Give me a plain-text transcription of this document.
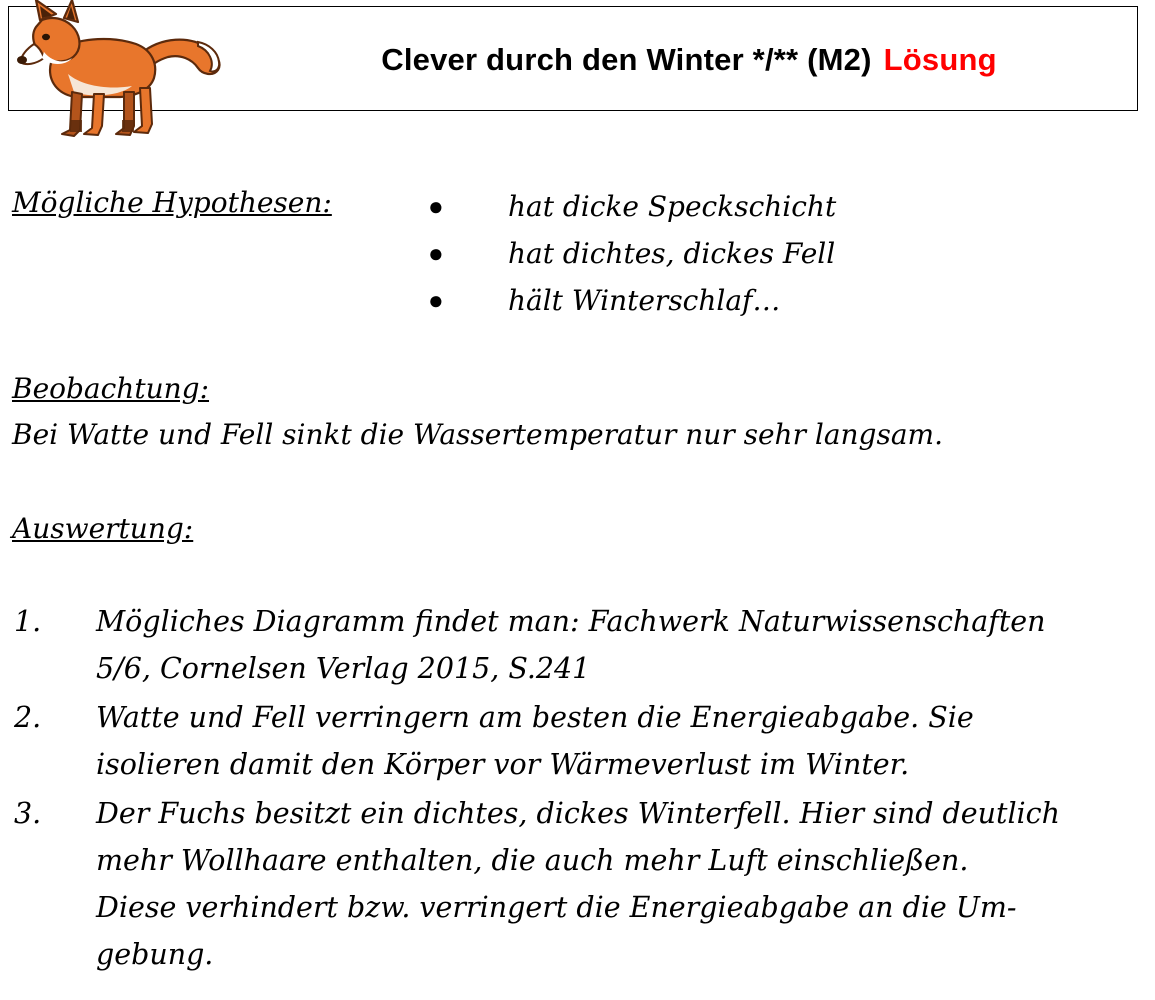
Clever durch den Winter */** (M2) Lösung
Mögliche Hypothesen:	● hat dicke Speckschicht
● hat dichtes, dickes Fell
● hält Winterschlaf…
Beobachtung:
Bei Watte und Fell sinkt die Wassertemperatur nur sehr langsam.
Auswertung:
1. Mögliches Diagramm findet man: Fachwerk Naturwissenschaften
5/6, Cornelsen Verlag 2015, S.241
2. Watte und Fell verringern am besten die Energieabgabe. Sie
isolieren damit den Körper vor Wärmeverlust im Winter.
3. Der Fuchs besitzt ein dichtes, dickes Winterfell. Hier sind deutlich
mehr Wollhaare enthalten, die auch mehr Luft einschließen.
Diese verhindert bzw. verringert die Energieabgabe an die Um-
gebung.
